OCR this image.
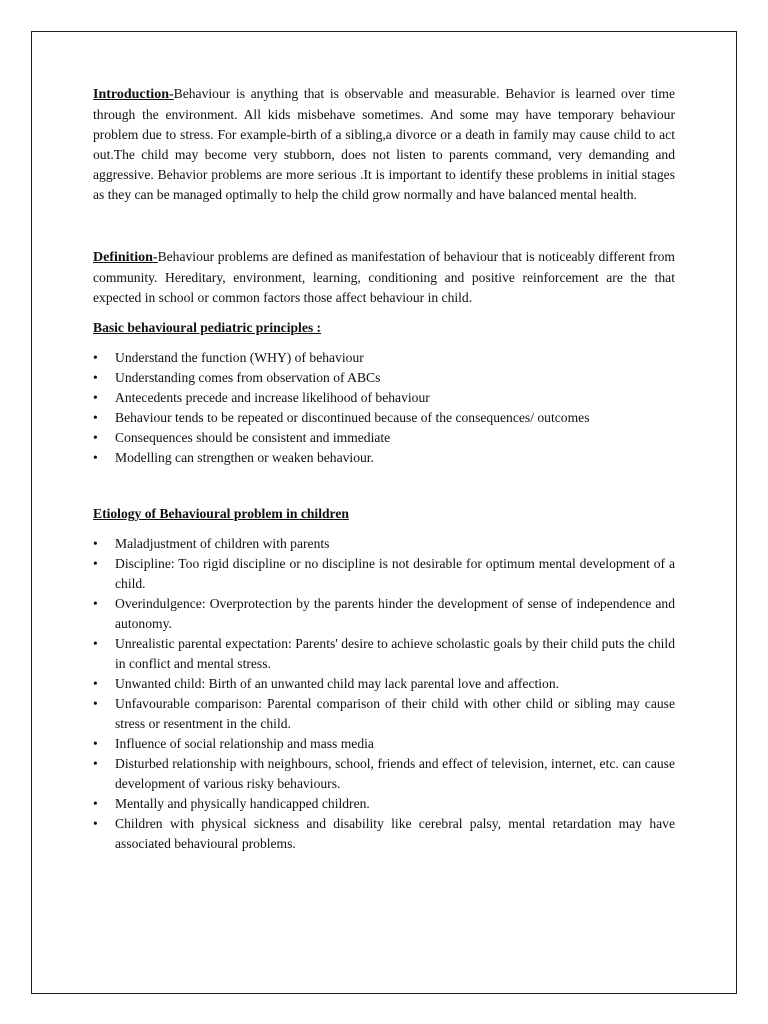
Introduction-Behaviour is anything that is observable and measurable. Behavior is learned over time through the environment. All kids misbehave sometimes. And some may have temporary behaviour problem due to stress. For example-birth of a sibling,a divorce or a death in family may cause child to act out.The child may become very stubborn, does not listen to parents command, very demanding and aggressive. Behavior problems are more serious .It is important to identify these problems in initial stages as they can be managed optimally to help the child grow normally and have balanced mental health.

Definition-Behaviour problems are defined as manifestation of behaviour that is noticeably different from community. Hereditary, environment, learning, conditioning and positive reinforcement are the that expected in school or common factors those affect behaviour in child.

Basic behavioural pediatric principles :
• Understand the function (WHY) of behaviour
• Understanding comes from observation of ABCs
• Antecedents precede and increase likelihood of behaviour
• Behaviour tends to be repeated or discontinued because of the consequences/ outcomes
• Consequences should be consistent and immediate
• Modelling can strengthen or weaken behaviour.
Etiology of Behavioural problem in children
• Maladjustment of children with parents
• Discipline: Too rigid discipline or no discipline is not desirable for optimum mental development of a child.
• Overindulgence: Overprotection by the parents hinder the development of sense of independence and autonomy.
• Unrealistic parental expectation: Parents' desire to achieve scholastic goals by their child puts the child in conflict and mental stress.
• Unwanted child: Birth of an unwanted child may lack parental love and affection.
• Unfavourable comparison: Parental comparison of their child with other child or sibling may cause stress or resentment in the child.
• Influence of social relationship and mass media
• Disturbed relationship with neighbours, school, friends and effect of television, internet, etc. can cause development of various risky behaviours.
• Mentally and physically handicapped children.
• Children with physical sickness and disability like cerebral palsy, mental retardation may have associated behavioural problems.
